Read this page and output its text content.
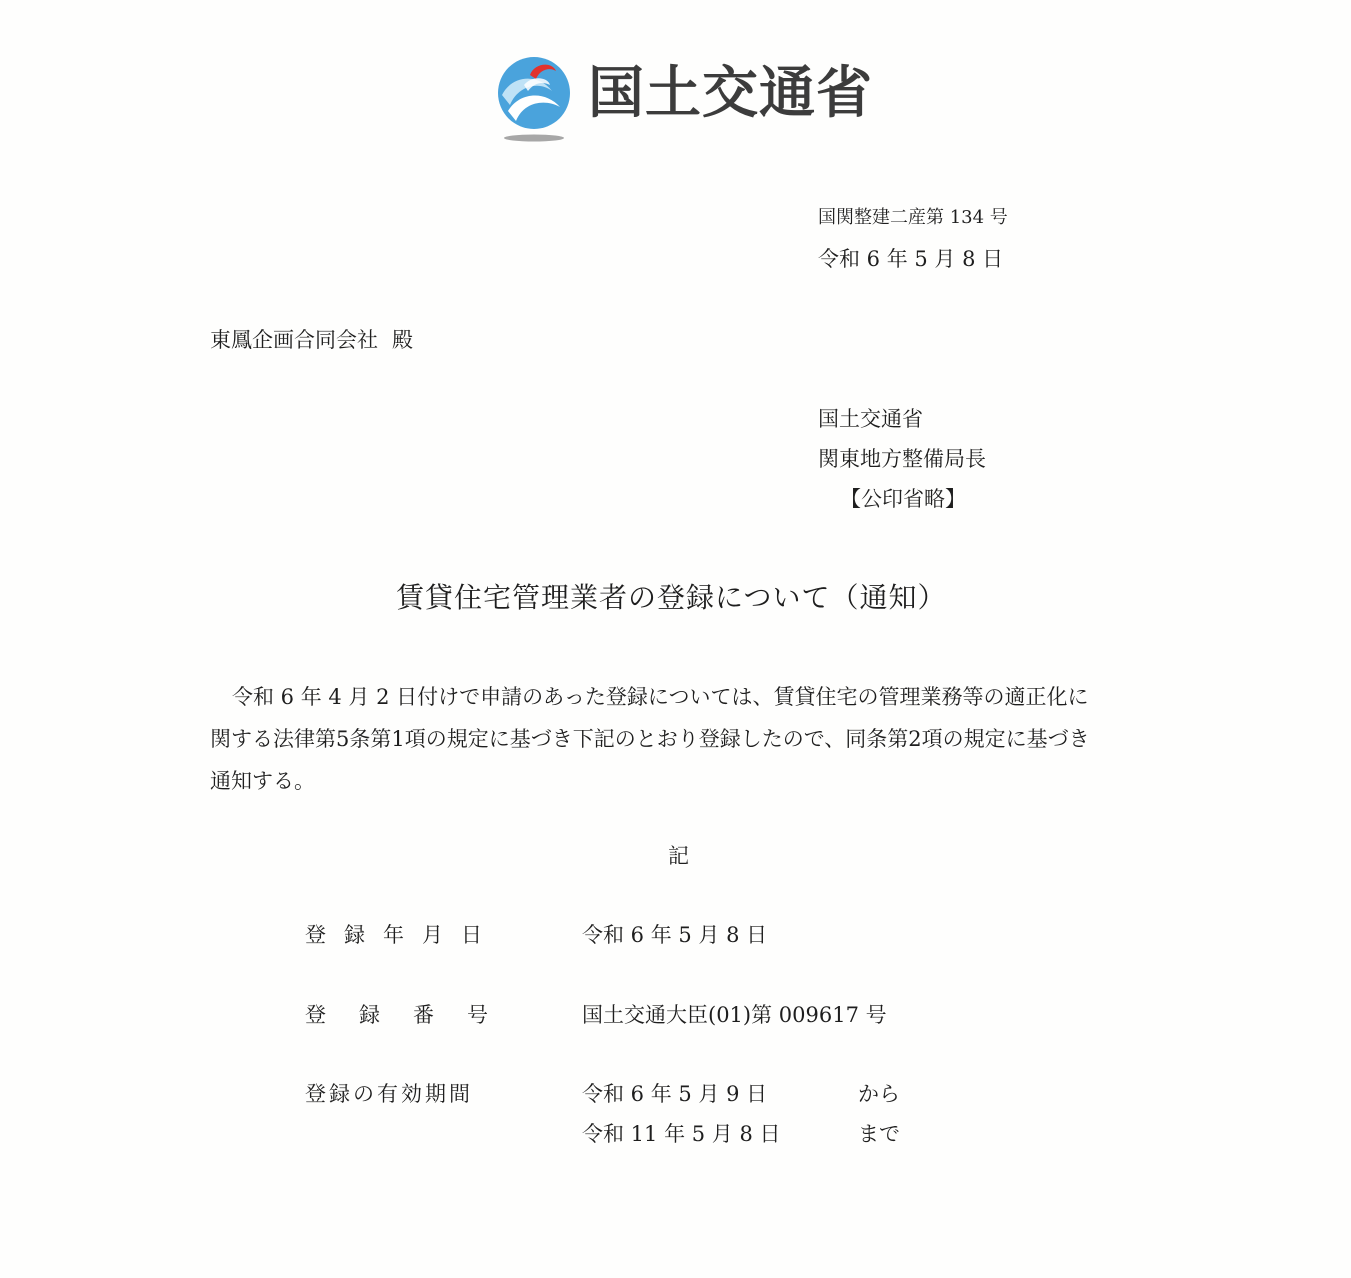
国土交通省
国関整建二産第 134 号
令和 6 年 5 月 8 日
東鳳企画合同会社 殿
国土交通省
関東地方整備局長
【公印省略】
賃貸住宅管理業者の登録について（通知）
令和 6 年 4 月 2 日付けで申請のあった登録については、賃貸住宅の管理業務等の適正化に
関する法律第5条第1項の規定に基づき下記のとおり登録したので、同条第2項の規定に基づき
通知する。
記
登録年月日	令和 6 年 5 月 8 日
登録番号	国土交通大臣(01)第 009617 号
登録の有効期間	令和 6 年 5 月 9 日	から
令和 11 年 5 月 8 日	まで
